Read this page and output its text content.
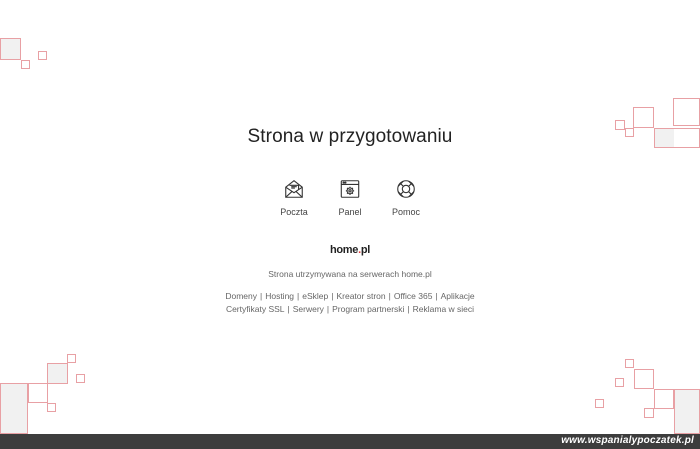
Strona w przygotowaniu
Poczta	Panel	Pomoc
home.pl
Strona utrzymywana na serwerach home.pl
Domeny | Hosting | eSklep | Kreator stron | Office 365 | Aplikacje
Certyfikaty SSL | Serwery | Program partnerski | Reklama w sieci
www.wspanialypoczatek.pl
